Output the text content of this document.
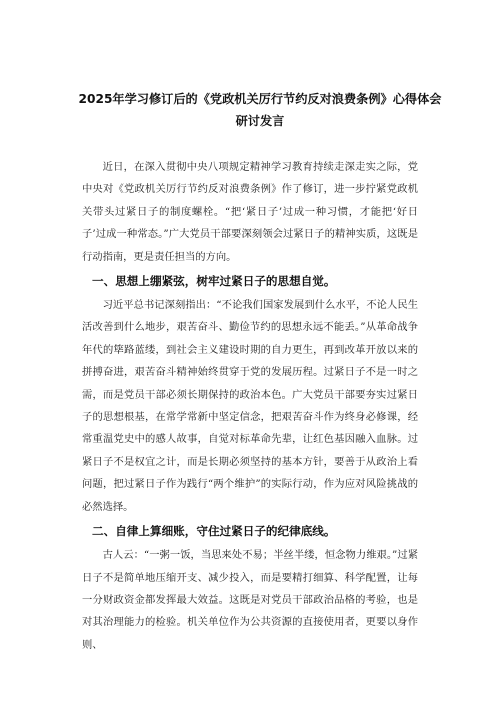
2025年学习修订后的《党政机关厉行节约反对浪费条例》心得体会
研讨发言

近日，在深入贯彻中央八项规定精神学习教育持续走深走实之际，党中央对《党政机关厉行节约反对浪费条例》作了修订，进一步拧紧党政机关带头过紧日子的制度螺栓。“把‘紧日子’过成一种习惯，才能把‘好日子’过成一种常态。”广大党员干部要深刻领会过紧日子的精神实质，这既是行动指南，更是责任担当的方向。

一、思想上绷紧弦，树牢过紧日子的思想自觉。

习近平总书记深刻指出：“不论我们国家发展到什么水平，不论人民生活改善到什么地步，艰苦奋斗、勤俭节约的思想永远不能丢。”从革命战争年代的筚路蓝缕，到社会主义建设时期的自力更生，再到改革开放以来的拼搏奋进，艰苦奋斗精神始终贯穿于党的发展历程。过紧日子不是一时之需，而是党员干部必须长期保持的政治本色。广大党员干部要夯实过紧日子的思想根基，在常学常新中坚定信念，把艰苦奋斗作为终身必修课，经常重温党史中的感人故事，自觉对标革命先辈，让红色基因融入血脉。过紧日子不是权宜之计，而是长期必须坚持的基本方针，要善于从政治上看问题，把过紧日子作为践行“两个维护”的实际行动，作为应对风险挑战的必然选择。

二、自律上算细账，守住过紧日子的纪律底线。

古人云：“一粥一饭，当思来处不易；半丝半缕，恒念物力维艰。”过紧日子不是简单地压缩开支、减少投入，而是要精打细算、科学配置，让每一分财政资金都发挥最大效益。这既是对党员干部政治品格的考验，也是对其治理能力的检验。机关单位作为公共资源的直接使用者，更要以身作则、
